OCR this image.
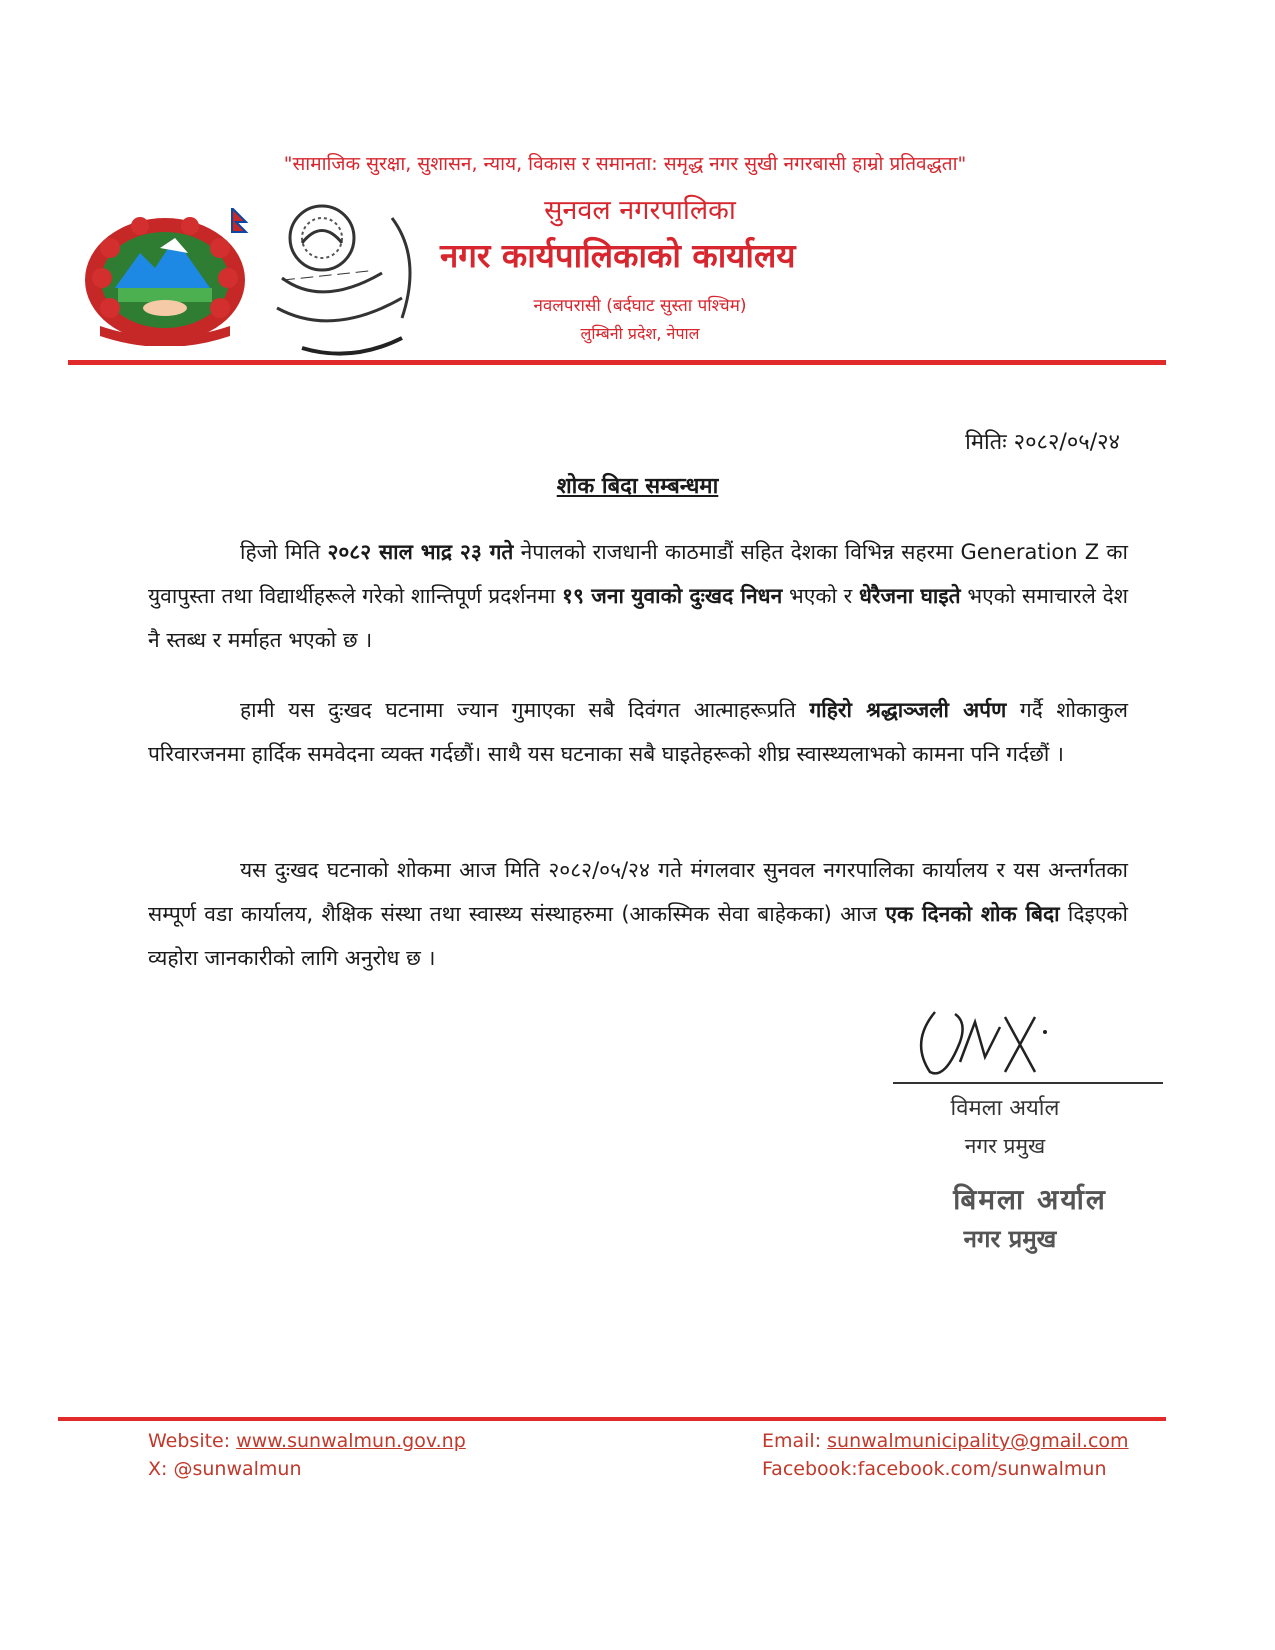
— — — — —
"सामाजिक सुरक्षा, सुशासन, न्याय, विकास र समानता: समृद्ध नगर सुखी नगरबासी हाम्रो प्रतिवद्धता"
सुनवल नगरपालिका
नगर कार्यपालिकाको कार्यालय
नवलपरासी (बर्दघाट सुस्ता पश्चिम)
लुम्बिनी प्रदेश, नेपाल
मितिः २०८२/०५/२४
शोक बिदा सम्बन्धमा
हिजो मिति २०८२ साल भाद्र २३ गते नेपालको राजधानी काठमाडौं सहित देशका विभिन्न सहरमा Generation Z का युवापुस्ता तथा विद्यार्थीहरूले गरेको शान्तिपूर्ण प्रदर्शनमा १९ जना युवाको दुःखद निधन भएको र धेरैजना घाइते भएको समाचारले देश नै स्तब्ध र मर्माहत भएको छ ।
हामी यस दुःखद घटनामा ज्यान गुमाएका सबै दिवंगत आत्माहरूप्रति गहिरो श्रद्धाञ्जली अर्पण गर्दै शोकाकुल परिवारजनमा हार्दिक समवेदना व्यक्त गर्दछौं। साथै यस घटनाका सबै घाइतेहरूको शीघ्र स्वास्थ्यलाभको कामना पनि गर्दछौं ।
यस दुःखद घटनाको शोकमा आज मिति २०८२/०५/२४ गते मंगलवार सुनवल नगरपालिका कार्यालय र यस अन्तर्गतका सम्पूर्ण वडा कार्यालय, शैक्षिक संस्था तथा स्वास्थ्य संस्थाहरुमा (आकस्मिक सेवा बाहेकका) आज एक दिनको शोक बिदा दिइएको व्यहोरा जानकारीको लागि अनुरोध छ ।
विमला अर्याल
नगर प्रमुख
बिमला अर्याल
नगर प्रमुख
Website: www.sunwalmun.gov.np
X: @sunwalmun
Email: sunwalmunicipality@gmail.com
Facebook:facebook.com/sunwalmun
